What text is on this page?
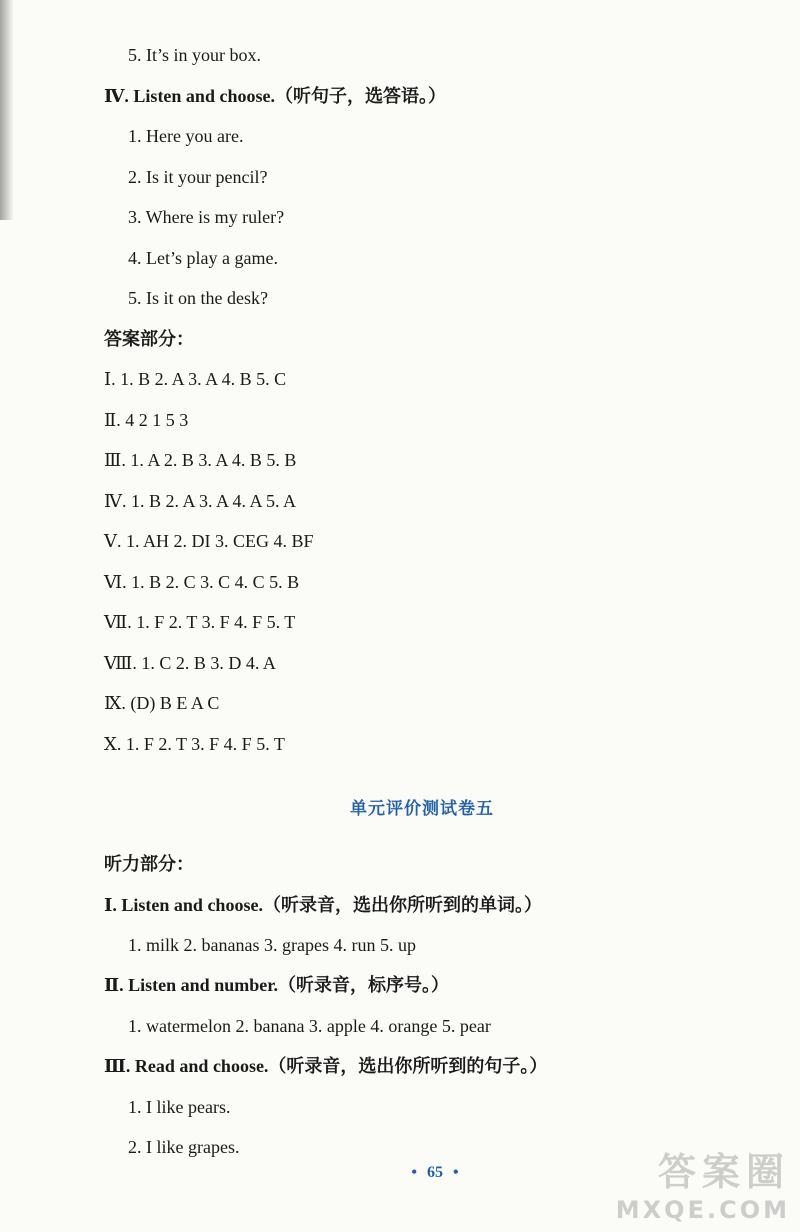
5. It’s in your box.
Ⅳ. Listen and choose.（听句子，选答语。）
1. Here you are.
2. Is it your pencil?
3. Where is my ruler?
4. Let’s play a game.
5. Is it on the desk?
答案部分：
Ⅰ. 1. B 2. A 3. A 4. B 5. C
Ⅱ. 4 2 1 5 3
Ⅲ. 1. A 2. B 3. A 4. B 5. B
Ⅳ. 1. B 2. A 3. A 4. A 5. A
Ⅴ. 1. AH 2. DI 3. CEG 4. BF
Ⅵ. 1. B 2. C 3. C 4. C 5. B
Ⅶ. 1. F 2. T 3. F 4. F 5. T
Ⅷ. 1. C 2. B 3. D 4. A
Ⅸ. (D) B E A C
Ⅹ. 1. F 2. T 3. F 4. F 5. T
单元评价测试卷五
听力部分：
Ⅰ. Listen and choose.（听录音，选出你所听到的单词。）
1. milk 2. bananas 3. grapes 4. run 5. up
Ⅱ. Listen and number.（听录音，标序号。）
1. watermelon 2. banana 3. apple 4. orange 5. pear
Ⅲ. Read and choose.（听录音，选出你所听到的句子。）
1. I like pears.
2. I like grapes.
• 65 •	答案圈
MXQE.COM
